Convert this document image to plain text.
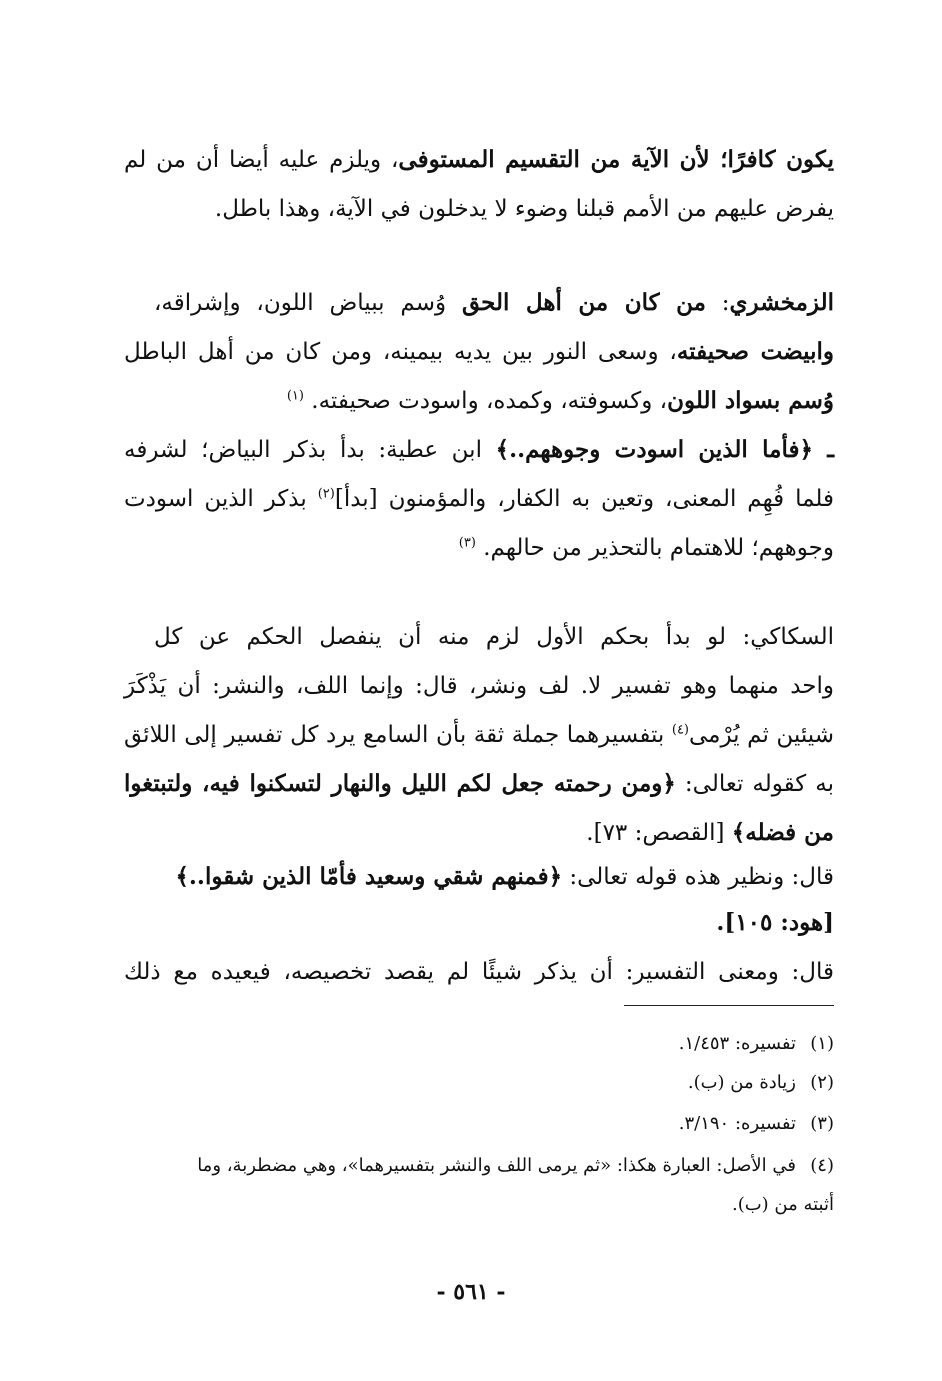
يكون كافرًا؛ لأن الآية من التقسيم المستوفى، ويلزم عليه أيضا أن من لم
يفرض عليهم من الأمم قبلنا وضوء لا يدخلون في الآية، وهذا باطل.
الزمخشري: من كان من أهل الحق وُسم ببياض اللون، وإشراقه،
وابيضت صحيفته، وسعى النور بين يديه بيمينه، ومن كان من أهل الباطل
وُسم بسواد اللون، وكسوفته، وكمده، واسودت صحيفته. $^{(١)}$
ـ ﴿فأما الذين اسودت وجوههم..﴾ ابن عطية: بدأ بذكر البياض؛ لشرفه
فلما فُهِم المعنى، وتعين به الكفار، والمؤمنون [بدأ]$^{(٢)}$ بذكر الذين اسودت
وجوههم؛ للاهتمام بالتحذير من حالهم. $^{(٣)}$
السكاكي: لو بدأ بحكم الأول لزم منه أن ينفصل الحكم عن كل
واحد منهما وهو تفسير لا. لف ونشر، قال: وإنما اللف، والنشر: أن يَذْكَرَ
شيئين ثم يُرْمى$^{(٤)}$ بتفسيرهما جملة ثقة بأن السامع يرد كل تفسير إلى اللائق
به كقوله تعالى: ﴿ومن رحمته جعل لكم الليل والنهار لتسكنوا فيه، ولتبتغوا
من فضله﴾ [القصص: ٧٣].
قال: ونظير هذه قوله تعالى: ﴿فمنهم شقي وسعيد فأمّا الذين شقوا..﴾
[هود: ١٠٥].
قال: ومعنى التفسير: أن يذكر شيئًا لم يقصد تخصيصه، فيعيده مع ذلك
(١)تفسيره: ١/٤٥٣.
(٢)زيادة من (ب).
(٣)تفسيره: ٣/١٩٠.
(٤)في الأصل: العبارة هكذا: «ثم يرمى اللف والنشر بتفسيرهما»، وهي مضطربة، وما
أثبته من (ب).
- ٥٦١ -
